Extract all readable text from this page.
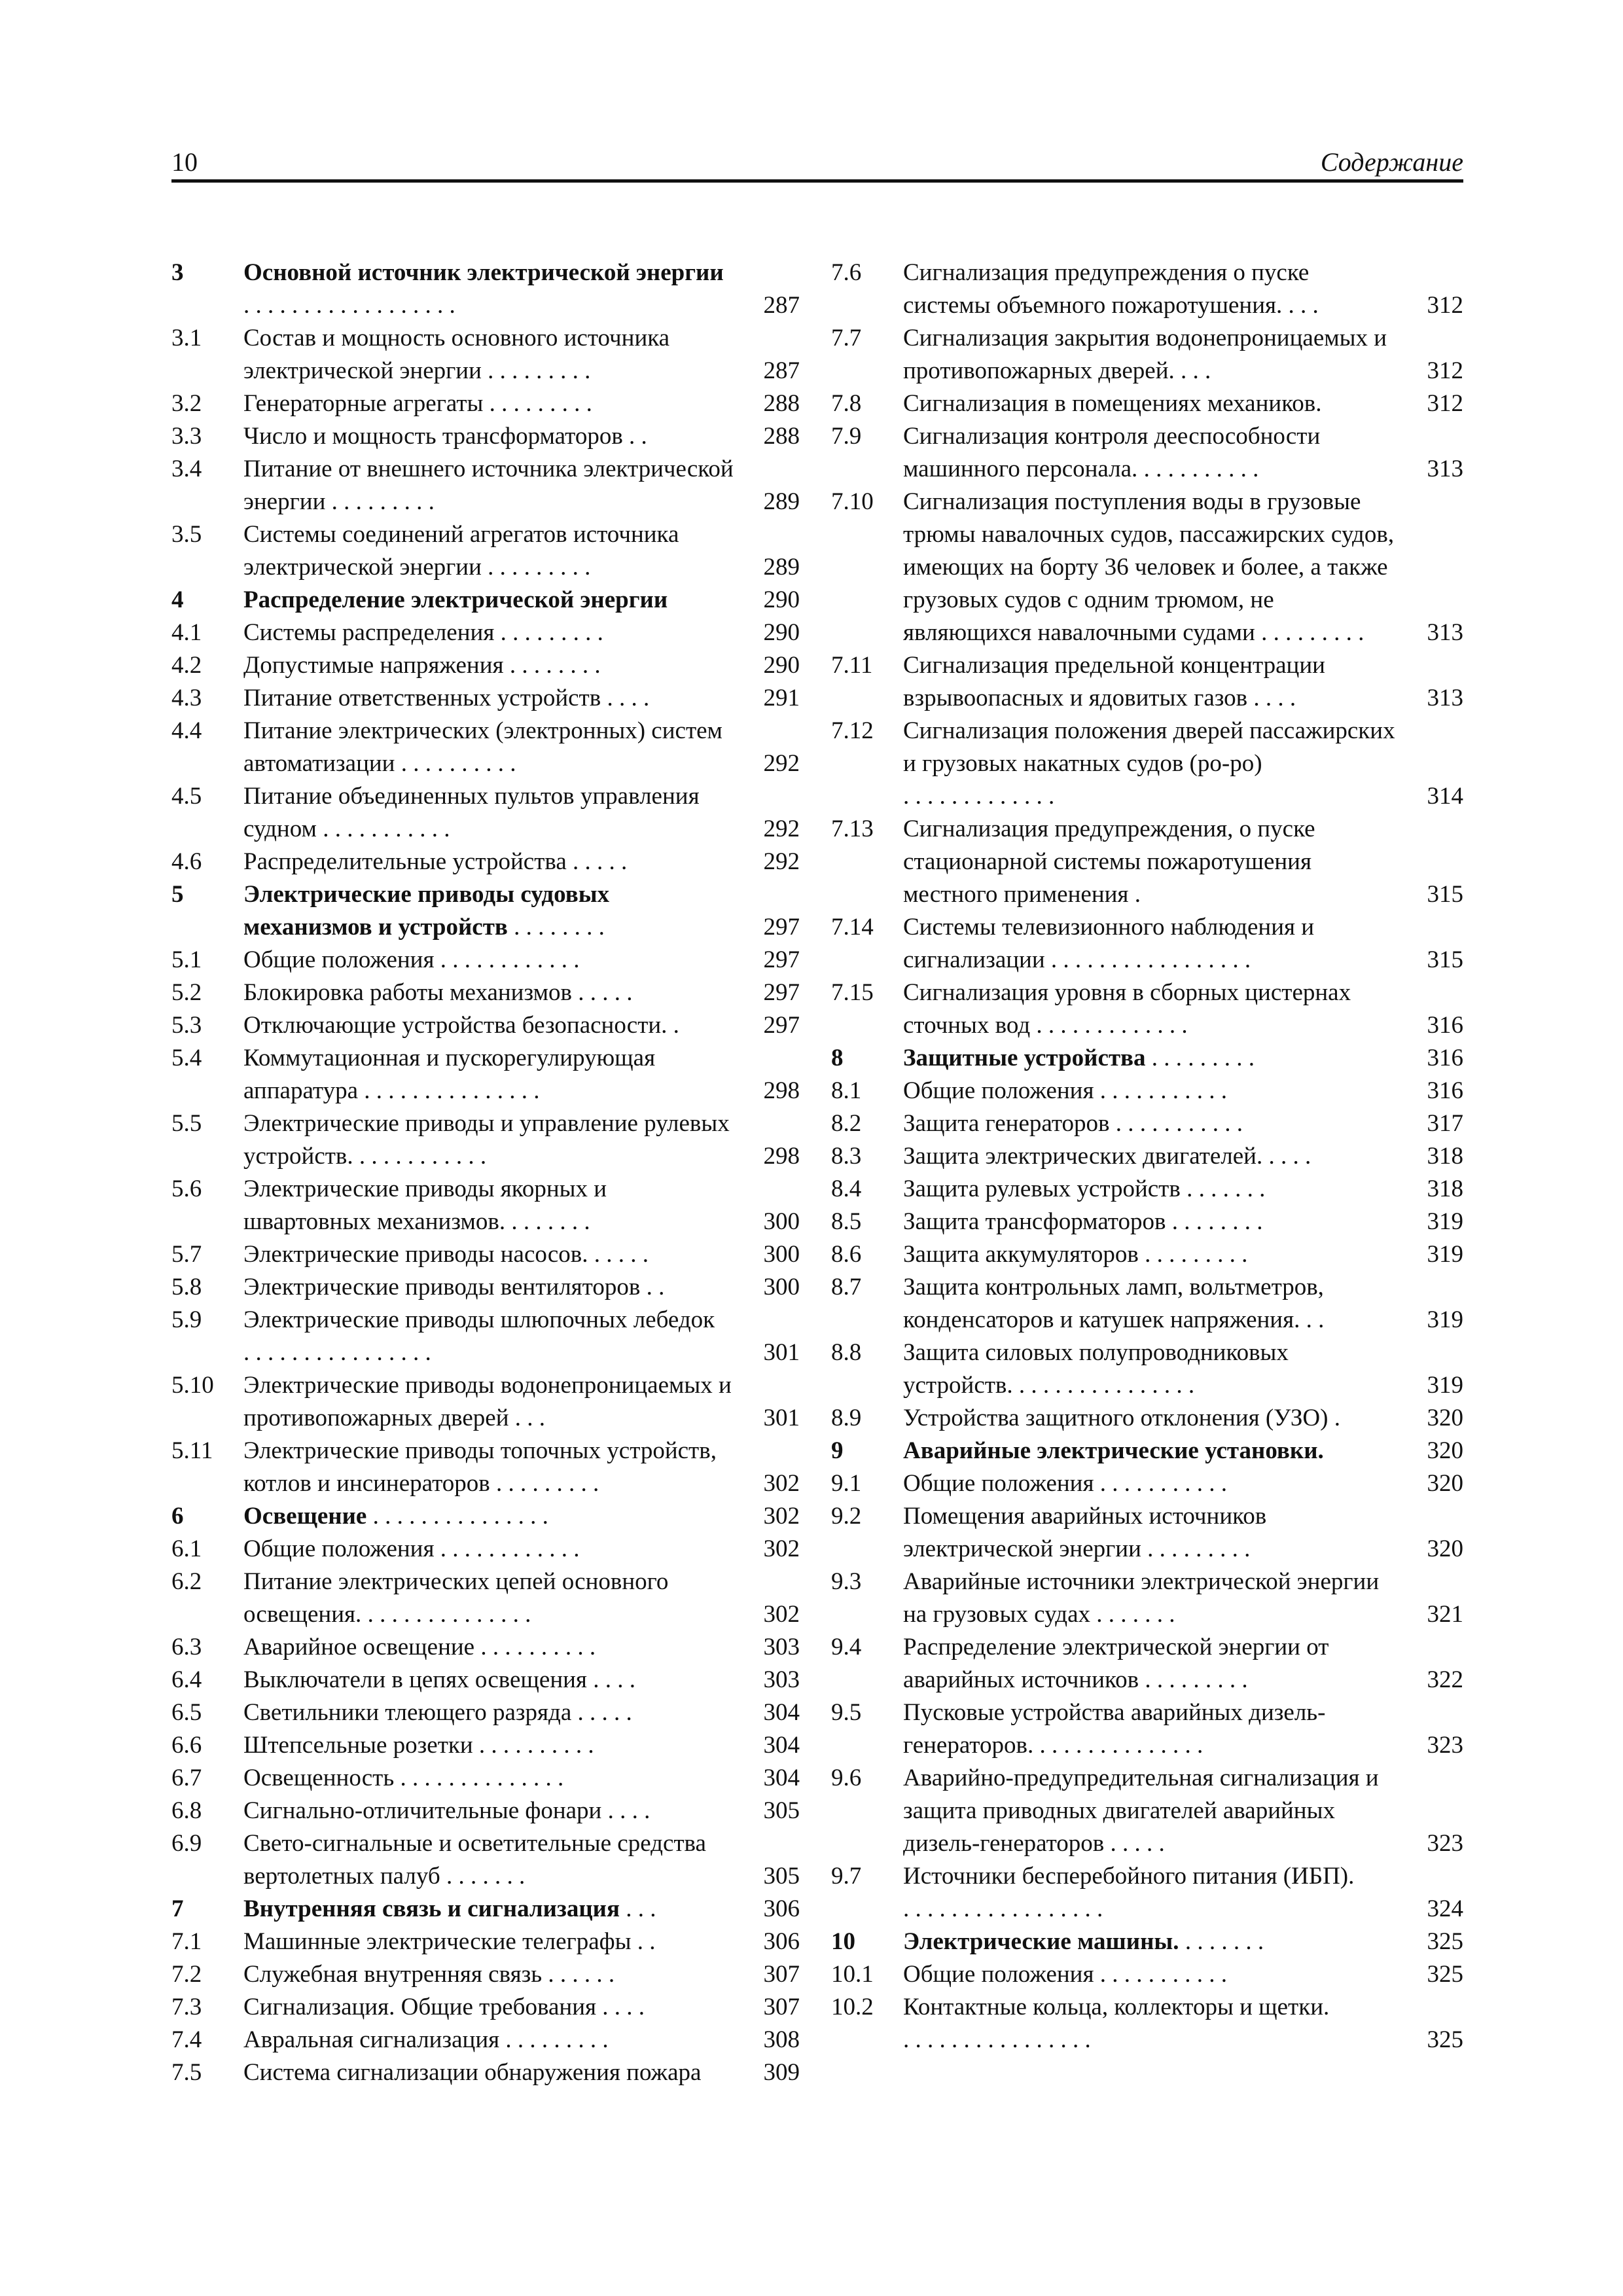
10	Содержание
3 Основной источник электрической энергии . . . . . . . . . . . . . . . . . .	287
3.1 Состав и мощность основного источника электрической энергии . . . . . . . . .	287
3.2 Генераторные агрегаты . . . . . . . . .	288
3.3 Число и мощность трансформаторов . .	288
3.4 Питание от внешнего источника электрической энергии . . . . . . . . .	289
3.5 Системы соединений агрегатов источника электрической энергии . . . . . . . . .	289
4 Распределение электрической энергии	290
4.1 Системы распределения . . . . . . . . .	290
4.2 Допустимые напряжения . . . . . . . .	290
4.3 Питание ответственных устройств . . . .	291
4.4 Питание электрических (электронных) систем автоматизации . . . . . . . . . .	292
4.5 Питание объединенных пультов управления судном . . . . . . . . . . .	292
4.6 Распределительные устройства . . . . .	292
5 Электрические приводы судовых механизмов и устройств . . . . . . . .	297
5.1 Общие положения . . . . . . . . . . . .	297
5.2 Блокировка работы механизмов . . . . .	297
5.3 Отключающие устройства безопасности. .	297
5.4 Коммутационная и пускорегулирующая аппаратура . . . . . . . . . . . . . . .	298
5.5 Электрические приводы и управление рулевых устройств. . . . . . . . . . . .	298
5.6 Электрические приводы якорных и швартовных механизмов. . . . . . . .	300
5.7 Электрические приводы насосов. . . . . .	300
5.8 Электрические приводы вентиляторов . .	300
5.9 Электрические приводы шлюпочных лебедок . . . . . . . . . . . . . . . .	301
5.10 Электрические приводы водонепроницаемых и противопожарных дверей . . .	301
5.11 Электрические приводы топочных устройств, котлов и инсинераторов . . . . . . . . .	302
6 Освещение . . . . . . . . . . . . . . .	302
6.1 Общие положения . . . . . . . . . . . .	302
6.2 Питание электрических цепей основного освещения. . . . . . . . . . . . . . .	302
6.3 Аварийное освещение . . . . . . . . . .	303
6.4 Выключатели в цепях освещения . . . .	303
6.5 Светильники тлеющего разряда . . . . .	304
6.6 Штепсельные розетки . . . . . . . . . .	304
6.7 Освещенность . . . . . . . . . . . . . .	304
6.8 Сигнально-отличительные фонари . . . .	305
6.9 Свето-сигнальные и осветительные средства вертолетных палуб . . . . . . .	305
7 Внутренняя связь и сигнализация . . .	306
7.1 Машинные электрические телеграфы . .	306
7.2 Служебная внутренняя связь . . . . . .	307
7.3 Сигнализация. Общие требования . . . .	307
7.4 Авральная сигнализация . . . . . . . . .	308
7.5 Система сигнализации обнаружения пожара	309
7.6 Сигнализация предупреждения о пуске системы объемного пожаротушения. . . .	312
7.7 Сигнализация закрытия водонепроницаемых и противопожарных дверей. . . .	312
7.8 Сигнализация в помещениях механиков.	312
7.9 Сигнализация контроля дееспособности машинного персонала. . . . . . . . . . .	313
7.10 Сигнализация поступления воды в грузовые трюмы навалочных судов, пассажирских судов, имеющих на борту 36 человек и более, а также грузовых судов с одним трюмом, не являющихся навалочными судами . . . . . . . . .	313
7.11 Сигнализация предельной концентрации взрывоопасных и ядовитых газов . . . .	313
7.12 Сигнализация положения дверей пассажирских и грузовых накатных судов (ро-ро) . . . . . . . . . . . . .	314
7.13 Сигнализация предупреждения, о пуске стационарной системы пожаротушения местного применения .	315
7.14 Системы телевизионного наблюдения и сигнализации . . . . . . . . . . . . . . . . .	315
7.15 Сигнализация уровня в сборных цистернах сточных вод . . . . . . . . . . . . .	316
8 Защитные устройства . . . . . . . . .	316
8.1 Общие положения . . . . . . . . . . .	316
8.2 Защита генераторов . . . . . . . . . . .	317
8.3 Защита электрических двигателей. . . . .	318
8.4 Защита рулевых устройств . . . . . . .	318
8.5 Защита трансформаторов . . . . . . . .	319
8.6 Защита аккумуляторов . . . . . . . . .	319
8.7 Защита контрольных ламп, вольтметров, конденсаторов и катушек напряжения. . .	319
8.8 Защита силовых полупроводниковых устройств. . . . . . . . . . . . . . . .	319
8.9 Устройства защитного отклонения (УЗО) .	320
9 Аварийные электрические установки.	320
9.1 Общие положения . . . . . . . . . . .	320
9.2 Помещения аварийных источников электрической энергии . . . . . . . . .	320
9.3 Аварийные источники электрической энергии на грузовых судах . . . . . . .	321
9.4 Распределение электрической энергии от аварийных источников . . . . . . . . .	322
9.5 Пусковые устройства аварийных дизель-генераторов. . . . . . . . . . . . . . .	323
9.6 Аварийно-предупредительная сигнализация и защита приводных двигателей аварийных дизель-генераторов . . . . .	323
9.7 Источники бесперебойного питания (ИБП). . . . . . . . . . . . . . . . . .	324
10 Электрические машины. . . . . . . .	325
10.1 Общие положения . . . . . . . . . . .	325
10.2 Контактные кольца, коллекторы и щетки. . . . . . . . . . . . . . . . .	325
